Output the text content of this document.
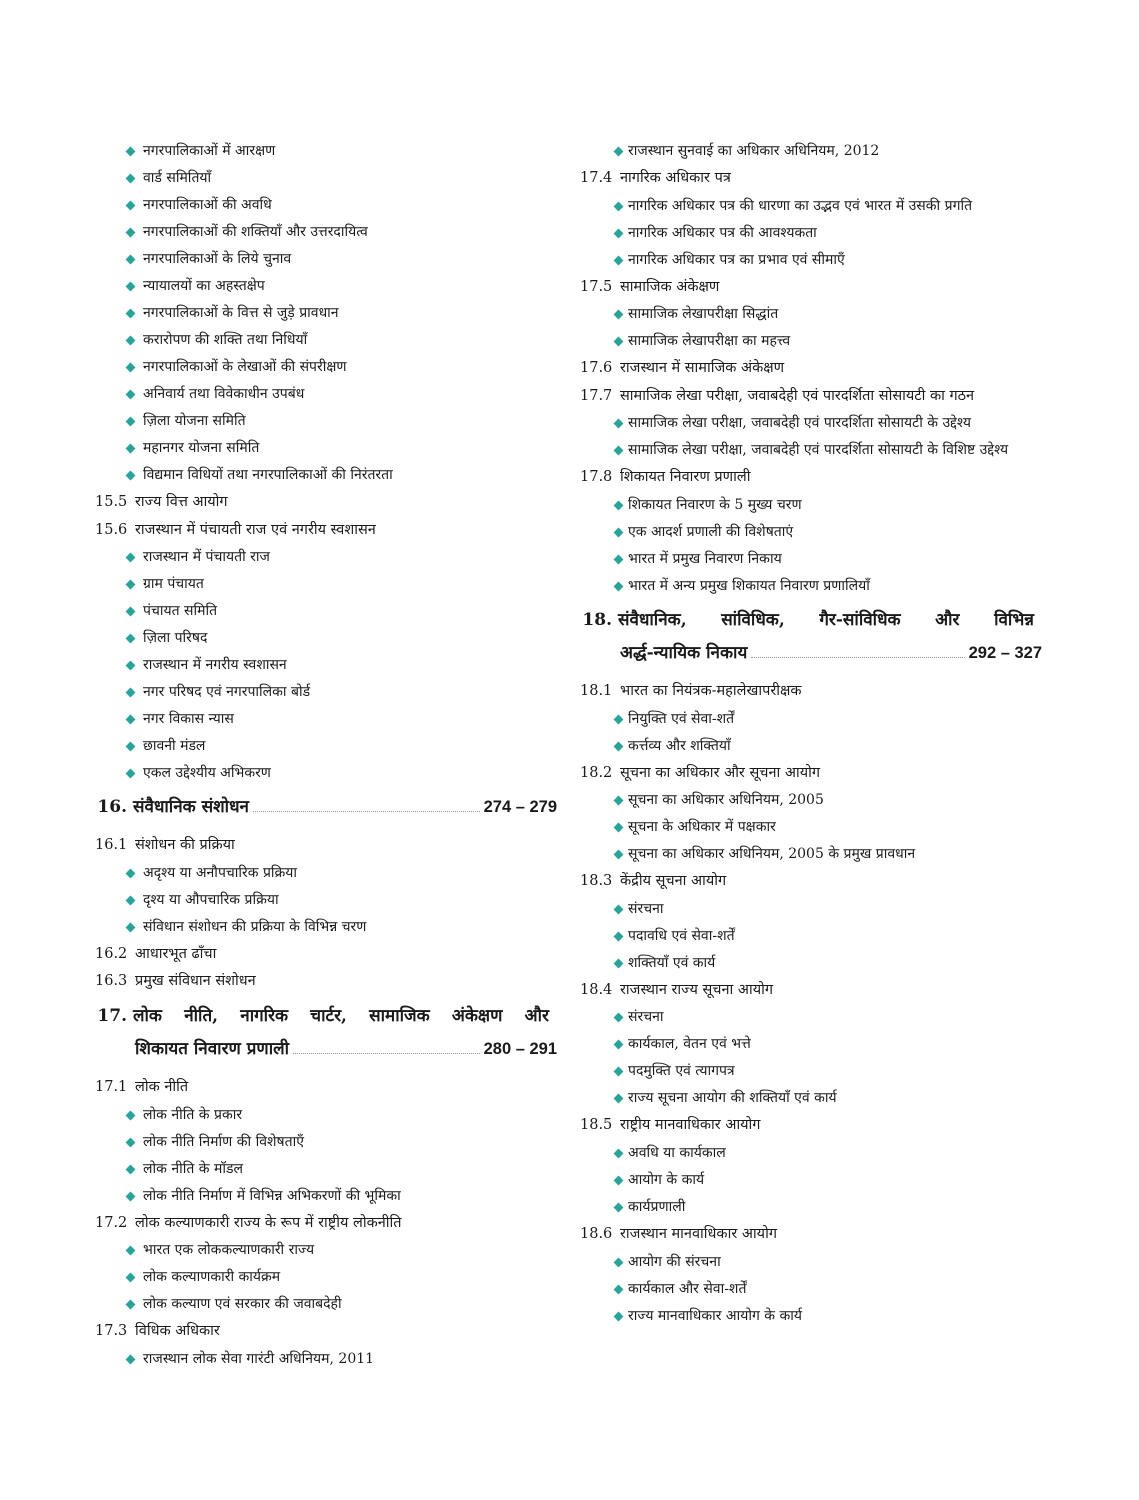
नगरपालिकाओं में आरक्षण
वार्ड समितियाँ
नगरपालिकाओं की अवधि
नगरपालिकाओं की शक्तियाँ और उत्तरदायित्व
नगरपालिकाओं के लिये चुनाव
न्यायालयों का अहस्तक्षेप
नगरपालिकाओं के वित्त से जुड़े प्रावधान
करारोपण की शक्ति तथा निधियाँ
नगरपालिकाओं के लेखाओं की संपरीक्षण
अनिवार्य तथा विवेकाधीन उपबंध
ज़िला योजना समिति
महानगर योजना समिति
विद्यमान विधियों तथा नगरपालिकाओं की निरंतरता
15.5 राज्य वित्त आयोग
15.6 राजस्थान में पंचायती राज एवं नगरीय स्वशासन
राजस्थान में पंचायती राज
ग्राम पंचायत
पंचायत समिति
ज़िला परिषद
राजस्थान में नगरीय स्वशासन
नगर परिषद एवं नगरपालिका बोर्ड
नगर विकास न्यास
छावनी मंडल
एकल उद्देश्यीय अभिकरण
16. संवैधानिक संशोधन	274 – 279
16.1 संशोधन की प्रक्रिया
अदृश्य या अनौपचारिक प्रक्रिया
दृश्य या औपचारिक प्रक्रिया
संविधान संशोधन की प्रक्रिया के विभिन्न चरण
16.2 आधारभूत ढाँचा
16.3 प्रमुख संविधान संशोधन
17. लोक नीति, नागरिक चार्टर, सामाजिक अंकेक्षण और
शिकायत निवारण प्रणाली	280 – 291
17.1 लोक नीति
लोक नीति के प्रकार
लोक नीति निर्माण की विशेषताएँ
लोक नीति के मॉडल
लोक नीति निर्माण में विभिन्न अभिकरणों की भूमिका
17.2 लोक कल्याणकारी राज्य के रूप में राष्ट्रीय लोकनीति
भारत एक लोककल्याणकारी राज्य
लोक कल्याणकारी कार्यक्रम
लोक कल्याण एवं सरकार की जवाबदेही
17.3 विधिक अधिकार
राजस्थान लोक सेवा गारंटी अधिनियम, 2011
राजस्थान सुनवाई का अधिकार अधिनियम, 2012
17.4 नागरिक अधिकार पत्र
नागरिक अधिकार पत्र की धारणा का उद्भव एवं भारत में उसकी प्रगति
नागरिक अधिकार पत्र की आवश्यकता
नागरिक अधिकार पत्र का प्रभाव एवं सीमाएँ
17.5 सामाजिक अंकेक्षण
सामाजिक लेखापरीक्षा सिद्धांत
सामाजिक लेखापरीक्षा का महत्त्व
17.6 राजस्थान में सामाजिक अंकेक्षण
17.7 सामाजिक लेखा परीक्षा, जवाबदेही एवं पारदर्शिता सोसायटी का गठन
सामाजिक लेखा परीक्षा, जवाबदेही एवं पारदर्शिता सोसायटी के उद्देश्य
सामाजिक लेखा परीक्षा, जवाबदेही एवं पारदर्शिता सोसायटी के विशिष्ट उद्देश्य
17.8 शिकायत निवारण प्रणाली
शिकायत निवारण के 5 मुख्य चरण
एक आदर्श प्रणाली की विशेषताएं
भारत में प्रमुख निवारण निकाय
भारत में अन्य प्रमुख शिकायत निवारण प्रणालियाँ
18. संवैधानिक, सांविधिक, गैर-सांविधिक और विभिन्न
अर्द्ध-न्यायिक निकाय	292 – 327
18.1 भारत का नियंत्रक-महालेखापरीक्षक
नियुक्ति एवं सेवा-शर्तें
कर्त्तव्य और शक्तियाँ
18.2 सूचना का अधिकार और सूचना आयोग
सूचना का अधिकार अधिनियम, 2005
सूचना के अधिकार में पक्षकार
सूचना का अधिकार अधिनियम, 2005 के प्रमुख प्रावधान
18.3 केंद्रीय सूचना आयोग
संरचना
पदावधि एवं सेवा-शर्तें
शक्तियाँ एवं कार्य
18.4 राजस्थान राज्य सूचना आयोग
संरचना
कार्यकाल, वेतन एवं भत्ते
पदमुक्ति एवं त्यागपत्र
राज्य सूचना आयोग की शक्तियाँ एवं कार्य
18.5 राष्ट्रीय मानवाधिकार आयोग
अवधि या कार्यकाल
आयोग के कार्य
कार्यप्रणाली
18.6 राजस्थान मानवाधिकार आयोग
आयोग की संरचना
कार्यकाल और सेवा-शर्तें
राज्य मानवाधिकार आयोग के कार्य
